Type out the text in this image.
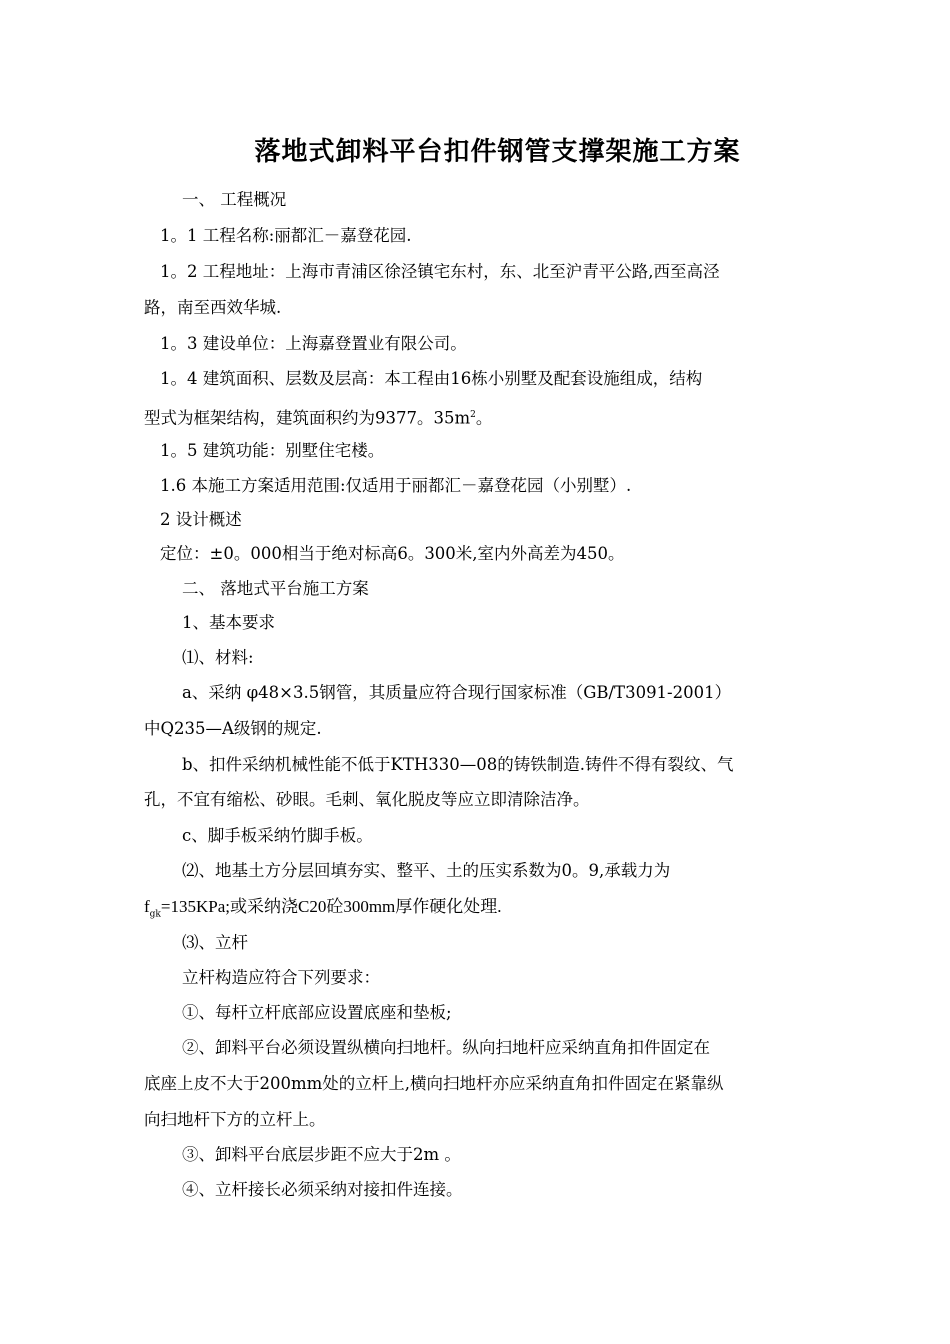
落地式卸料平台扣件钢管支撑架施工方案
一、 工程概况
1。1 工程名称:丽都汇－嘉登花园.
1。2 工程地址：上海市青浦区徐泾镇宅东村，东、北至沪青平公路,西至高泾
路，南至西效华城.
1。3 建设单位：上海嘉登置业有限公司。
1。4 建筑面积、层数及层高：本工程由16栋小别墅及配套设施组成，结构
型式为框架结构，建筑面积约为9377。$35m^2$。
1。5 建筑功能：别墅住宅楼。
1.6 本施工方案适用范围:仅适用于丽都汇－嘉登花园（小别墅）.
2 设计概述
定位：±0。000相当于绝对标高6。300米,室内外高差为450。
二、 落地式平台施工方案
1、基本要求
⑴、材料:
a、采纳 φ48×3.5钢管，其质量应符合现行国家标准（GB/T3091-2001）
中Q235—A级钢的规定.
b、扣件采纳机械性能不低于KTH330—08的铸铁制造.铸件不得有裂纹、气
孔，不宜有缩松、砂眼。毛刺、氧化脱皮等应立即清除洁净。
c、脚手板采纳竹脚手板。
⑵、地基土方分层回填夯实、整平、土的压实系数为0。9,承载力为
$f_{gk}=135KPa$;或采纳浇C20砼300mm厚作硬化处理.
⑶、立杆
立杆构造应符合下列要求：
①、每杆立杆底部应设置底座和垫板;
②、卸料平台必须设置纵横向扫地杆。纵向扫地杆应采纳直角扣件固定在
底座上皮不大于200mm处的立杆上,横向扫地杆亦应采纳直角扣件固定在紧靠纵
向扫地杆下方的立杆上。
③、卸料平台底层步距不应大于2m 。
④、立杆接长必须采纳对接扣件连接。
